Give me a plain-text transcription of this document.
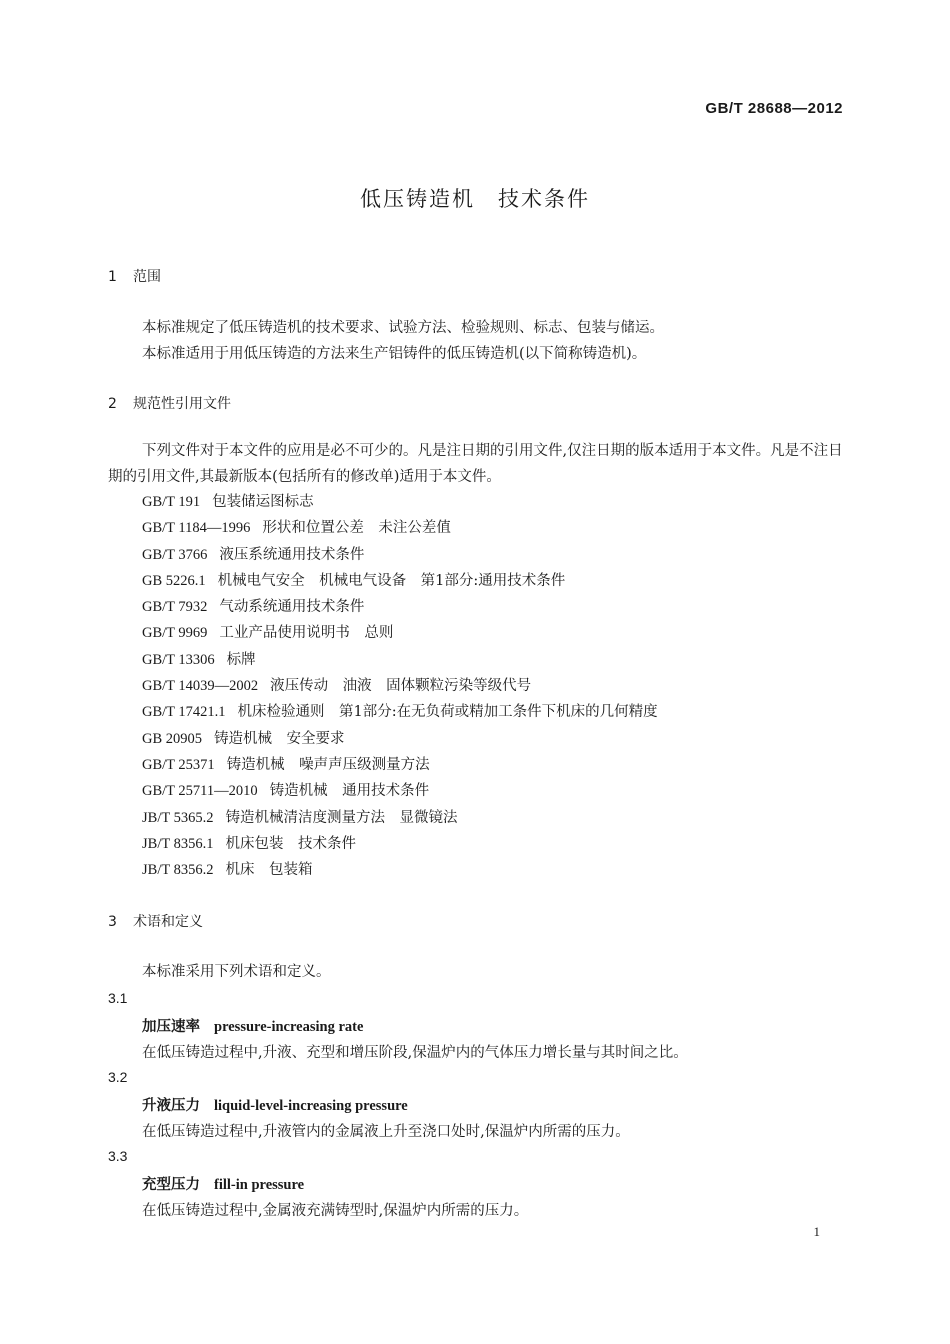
GB/T 28688—2012
低压铸造机　技术条件
1 范围
本标准规定了低压铸造机的技术要求、试验方法、检验规则、标志、包装与储运。
本标准适用于用低压铸造的方法来生产铝铸件的低压铸造机(以下简称铸造机)。
2 规范性引用文件
下列文件对于本文件的应用是必不可少的。凡是注日期的引用文件,仅注日期的版本适用于本文件。凡是不注日期的引用文件,其最新版本(包括所有的修改单)适用于本文件。
GB/T 191 包装储运图标志
GB/T 1184—1996 形状和位置公差　未注公差值
GB/T 3766 液压系统通用技术条件
GB 5226.1 机械电气安全　机械电气设备　第1部分:通用技术条件
GB/T 7932 气动系统通用技术条件
GB/T 9969 工业产品使用说明书　总则
GB/T 13306 标牌
GB/T 14039—2002 液压传动　油液　固体颗粒污染等级代号
GB/T 17421.1 机床检验通则　第1部分:在无负荷或精加工条件下机床的几何精度
GB 20905 铸造机械　安全要求
GB/T 25371 铸造机械　噪声声压级测量方法
GB/T 25711—2010 铸造机械　通用技术条件
JB/T 5365.2 铸造机械清洁度测量方法　显微镜法
JB/T 8356.1 机床包装　技术条件
JB/T 8356.2 机床　包装箱
3 术语和定义
本标准采用下列术语和定义。
3.1
加压速率 pressure-increasing rate
在低压铸造过程中,升液、充型和增压阶段,保温炉内的气体压力增长量与其时间之比。
3.2
升液压力 liquid-level-increasing pressure
在低压铸造过程中,升液管内的金属液上升至浇口处时,保温炉内所需的压力。
3.3
充型压力 fill-in pressure
在低压铸造过程中,金属液充满铸型时,保温炉内所需的压力。
1
